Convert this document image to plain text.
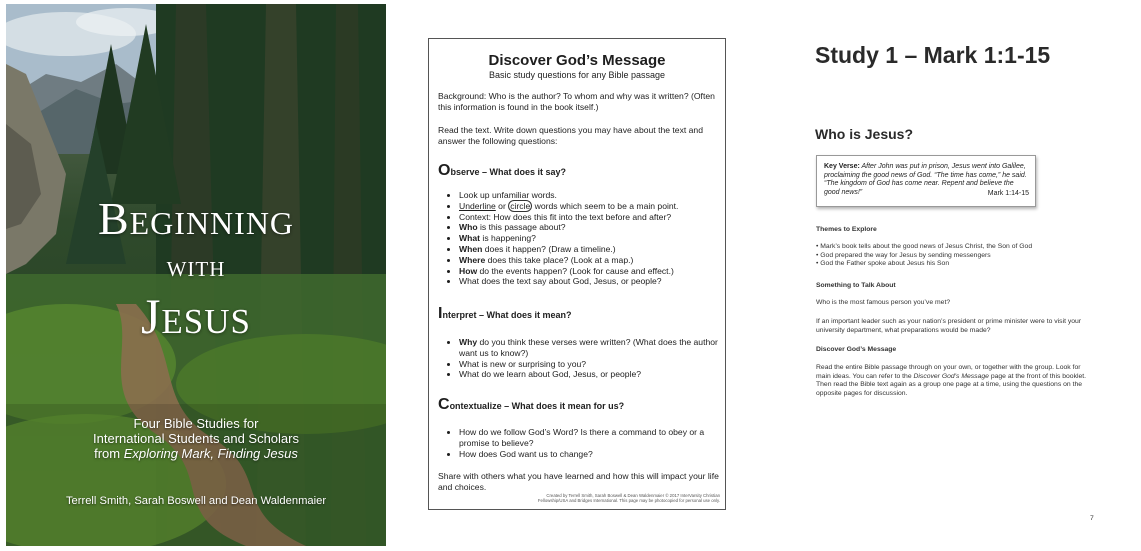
Beginning
with
Jesus
Four Bible Studies for
International Students and Scholars
from Exploring Mark, Finding Jesus
Terrell Smith, Sarah Boswell and Dean Waldenmaier
Discover God’s Message
Basic study questions for any Bible passage
Background: Who is the author? To whom and why was it written? (Often this information is found in the book itself.)
Read the text. Write down questions you may have about the text and answer the following questions:
Observe – What does it say?
• Look up unfamiliar words.
• Underline or circle words which seem to be a main point.
• Context: How does this fit into the text before and after?
• Who is this passage about?
• What is happening?
• When does it happen? (Draw a timeline.)
• Where does this take place? (Look at a map.)
• How do the events happen? (Look for cause and effect.)
• What does the text say about God, Jesus, or people?
Interpret – What does it mean?
• Why do you think these verses were written? (What does the author want us to know?)
• What is new or surprising to you?
• What do we learn about God, Jesus, or people?
Contextualize – What does it mean for us?
• How do we follow God’s Word? Is there a command to obey or a promise to believe?
• How does God want us to change?
Share with others what you have learned and how this will impact your life and choices.
Created by Terrell Smith, Sarah Boswell & Dean Waldenmaier © 2017 InterVarsity Christian Fellowship/USA and Bridges International. This page may be photocopied for personal use only.
Study 1 – Mark 1:1-15
Who is Jesus?
Key Verse: After John was put in prison, Jesus went into Galilee, proclaiming the good news of God. “The time has come,” he said. “The kingdom of God has come near. Repent and believe the good news!”	Mark 1:14-15
Themes to Explore
• Mark’s book tells about the good news of Jesus Christ, the Son of God
• God prepared the way for Jesus by sending messengers
• God the Father spoke about Jesus his Son
Something to Talk About
Who is the most famous person you’ve met?
If an important leader such as your nation’s president or prime minister were to visit your university department, what preparations would be made?
Discover God’s Message
Read the entire Bible passage through on your own, or together with the group. Look for main ideas. You can refer to the Discover God’s Message page at the front of this booklet. Then read the Bible text again as a group one page at a time, using the questions on the opposite pages for discussion.
7
